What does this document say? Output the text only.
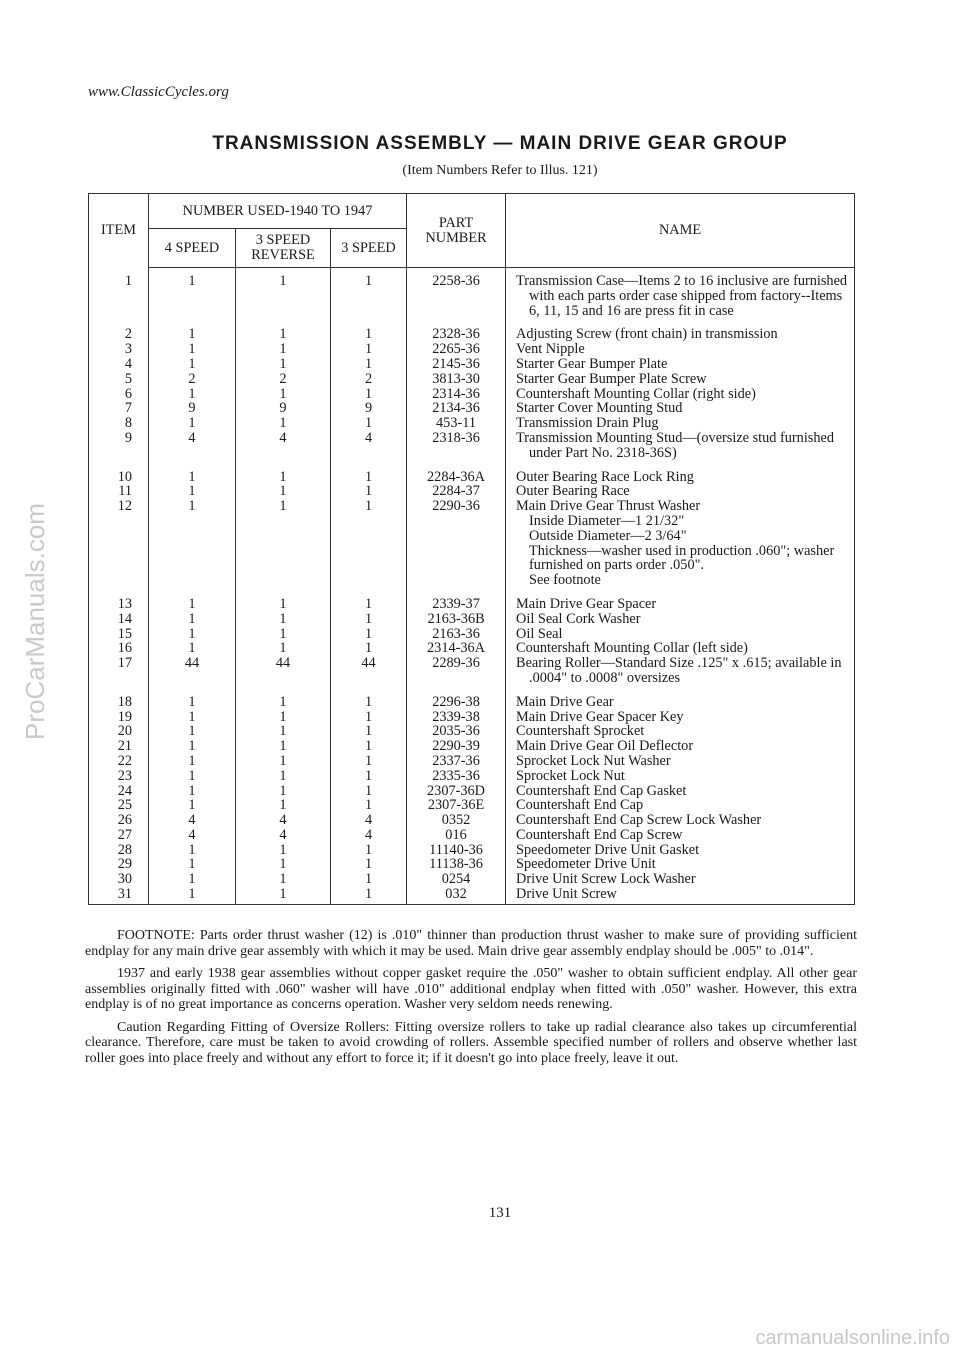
www.ClassicCycles.org
TRANSMISSION ASSEMBLY — MAIN DRIVE GEAR GROUP
(Item Numbers Refer to Illus. 121)
ITEM	NUMBER USED-1940 TO 1947			PART NUMBER	NAME
	4 SPEED	3 SPEED REVERSE	3 SPEED		
1	1	1	1	2258-36	Transmission Case—Items 2 to 16 inclusive are furnished with each parts order case shipped from factory--Items 6, 11, 15 and 16 are press fit in case

2	1	1	1	2328-36	Adjusting Screw (front chain) in transmission

3	1	1	1	2265-36	Vent Nipple

4	1	1	1	2145-36	Starter Gear Bumper Plate

5	2	2	2	3813-30	Starter Gear Bumper Plate Screw

6	1	1	1	2314-36	Countershaft Mounting Collar (right side)

7	9	9	9	2134-36	Starter Cover Mounting Stud

8	1	1	1	453-11	Transmission Drain Plug

9	4	4	4	2318-36	Transmission Mounting Stud—(oversize stud furnished under Part No. 2318-36S)

10	1	1	1	2284-36A	Outer Bearing Race Lock Ring

11	1	1	1	2284-37	Outer Bearing Race

12	1	1	1	2290-36	Main Drive Gear Thrust Washer
Inside Diameter—1 21/32"
Outside Diameter—2 3/64"
Thickness—washer used in production .060"; washer furnished on parts order .050".
See footnote

13	1	1	1	2339-37	Main Drive Gear Spacer

14	1	1	1	2163-36B	Oil Seal Cork Washer

15	1	1	1	2163-36	Oil Seal

16	1	1	1	2314-36A	Countershaft Mounting Collar (left side)

17	44	44	44	2289-36	Bearing Roller—Standard Size .125" x .615; available in .0004" to .0008" oversizes

18	1	1	1	2296-38	Main Drive Gear

19	1	1	1	2339-38	Main Drive Gear Spacer Key

20	1	1	1	2035-36	Countershaft Sprocket

21	1	1	1	2290-39	Main Drive Gear Oil Deflector

22	1	1	1	2337-36	Sprocket Lock Nut Washer

23	1	1	1	2335-36	Sprocket Lock Nut

24	1	1	1	2307-36D	Countershaft End Cap Gasket

25	1	1	1	2307-36E	Countershaft End Cap

26	4	4	4	0352	Countershaft End Cap Screw Lock Washer

27	4	4	4	016	Countershaft End Cap Screw

28	1	1	1	11140-36	Speedometer Drive Unit Gasket

29	1	1	1	11138-36	Speedometer Drive Unit

30	1	1	1	0254	Drive Unit Screw Lock Washer

31	1	1	1	032	Drive Unit Screw

FOOTNOTE: Parts order thrust washer (12) is .010" thinner than production thrust washer to make sure of providing sufficient endplay for any main drive gear assembly with which it may be used. Main drive gear assembly endplay should be .005" to .014".

1937 and early 1938 gear assemblies without copper gasket require the .050" washer to obtain sufficient endplay. All other gear assemblies originally fitted with .060" washer will have .010" additional endplay when fitted with .050" washer. However, this extra endplay is of no great importance as concerns operation. Washer very seldom needs renewing.

Caution Regarding Fitting of Oversize Rollers: Fitting oversize rollers to take up radial clearance also takes up circumferential clearance. Therefore, care must be taken to avoid crowding of rollers. Assemble specified number of rollers and observe whether last roller goes into place freely and without any effort to force it; if it doesn't go into place freely, leave it out.

131
ProCarManuals.com
carmanualsonline.info
